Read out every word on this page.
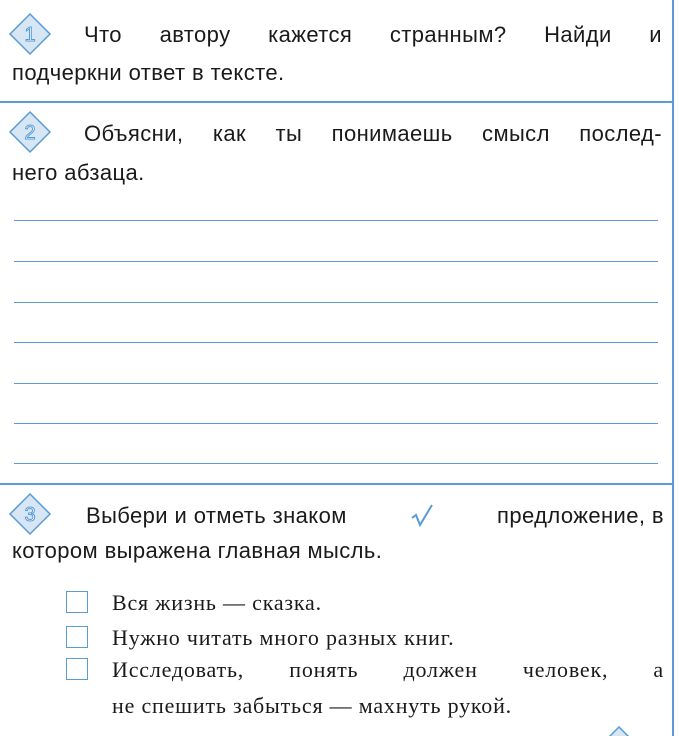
1 Что автору кажется странным? Найди и
подчеркни ответ в тексте.
2 Объясни, как ты понимаешь смысл послед-
него абзаца.
3 Выбери и отметь знаком	предложение, в
котором выражена главная мысль.
Вся жизнь — сказка.
Нужно читать много разных книг.
Исследовать, понять должен человек, а
не спешить забыться — махнуть рукой.
